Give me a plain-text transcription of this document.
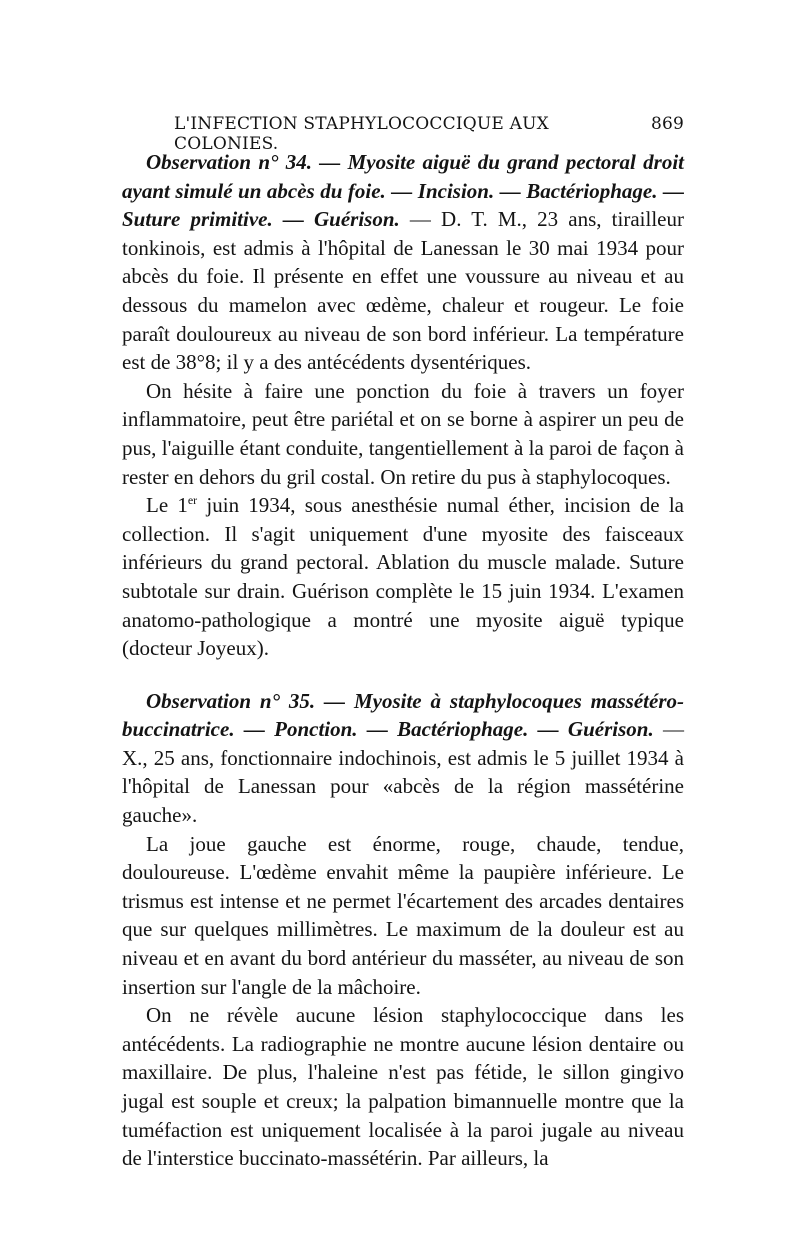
L'INFECTION STAPHYLOCOCCIQUE AUX COLONIES.
869

Observation n° 34. — Myosite aiguë du grand pectoral droit ayant simulé un abcès du foie. — Incision. — Bactériophage. — Suture primitive. — Guérison. — D. T. M., 23 ans, tirailleur tonkinois, est admis à l'hôpital de Lanessan le 30 mai 1934 pour abcès du foie. Il présente en effet une voussure au niveau et au dessous du mamelon avec œdème, chaleur et rougeur. Le foie paraît douloureux au niveau de son bord inférieur. La température est de 38°8; il y a des antécédents dysentériques.

On hésite à faire une ponction du foie à travers un foyer inflammatoire, peut être pariétal et on se borne à aspirer un peu de pus, l'aiguille étant conduite, tangentiellement à la paroi de façon à rester en dehors du gril costal. On retire du pus à staphylocoques.

Le 1er juin 1934, sous anesthésie numal éther, incision de la collection. Il s'agit uniquement d'une myosite des faisceaux inférieurs du grand pectoral. Ablation du muscle malade. Suture subtotale sur drain. Guérison complète le 15 juin 1934. L'examen anatomo-pathologique a montré une myosite aiguë typique (docteur Joyeux).

Observation n° 35. — Myosite à staphylocoques massétéro-buccinatrice. — Ponction. — Bactériophage. — Guérison. — X., 25 ans, fonctionnaire indochinois, est admis le 5 juillet 1934 à l'hôpital de Lanessan pour «abcès de la région massétérine gauche».

La joue gauche est énorme, rouge, chaude, tendue, douloureuse. L'œdème envahit même la paupière inférieure. Le trismus est intense et ne permet l'écartement des arcades dentaires que sur quelques millimètres. Le maximum de la douleur est au niveau et en avant du bord antérieur du masséter, au niveau de son insertion sur l'angle de la mâchoire.

On ne révèle aucune lésion staphylococcique dans les antécédents. La radiographie ne montre aucune lésion dentaire ou maxillaire. De plus, l'haleine n'est pas fétide, le sillon gingivo jugal est souple et creux; la palpation bimannuelle montre que la tuméfaction est uniquement localisée à la paroi jugale au niveau de l'interstice buccinato-massétérin. Par ailleurs, la
